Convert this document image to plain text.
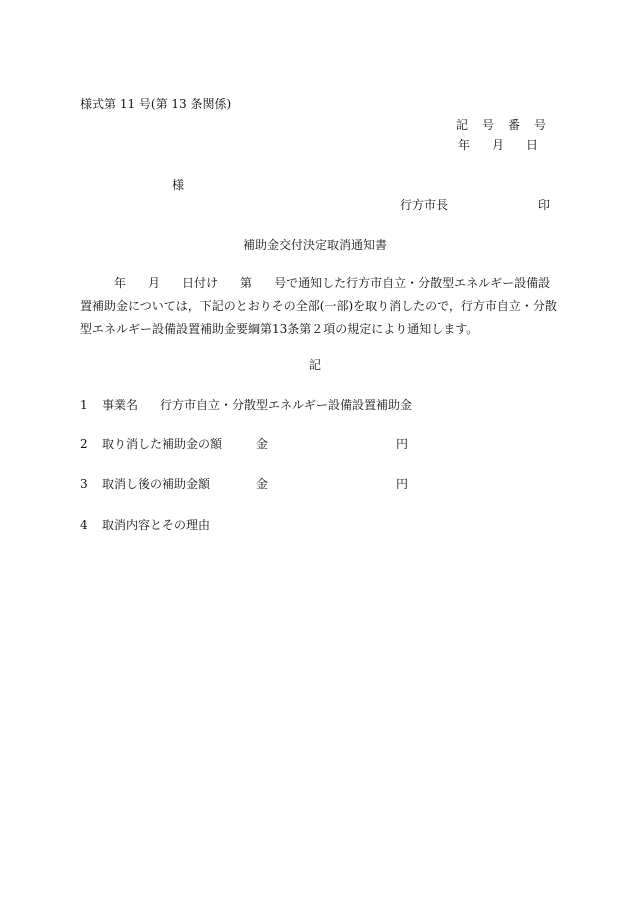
様式第 11 号(第 13 条関係)
記 号 番 号
年 月 日
様
行方市長	印
補助金交付決定取消通知書

年 月 日付け 第 号で通知した行方市自立・分散型エネルギー設備設

置補助金については，下記のとおりその全部(一部)を取り消したので，行方市自立・分散

型エネルギー設備設置補助金要綱第13条第２項の規定により通知します。

記
1 事業名 行方市自立・分散型エネルギー設備設置補助金
2 取り消した補助金の額	金	円
3 取消し後の補助金額	金	円
4 取消内容とその理由
